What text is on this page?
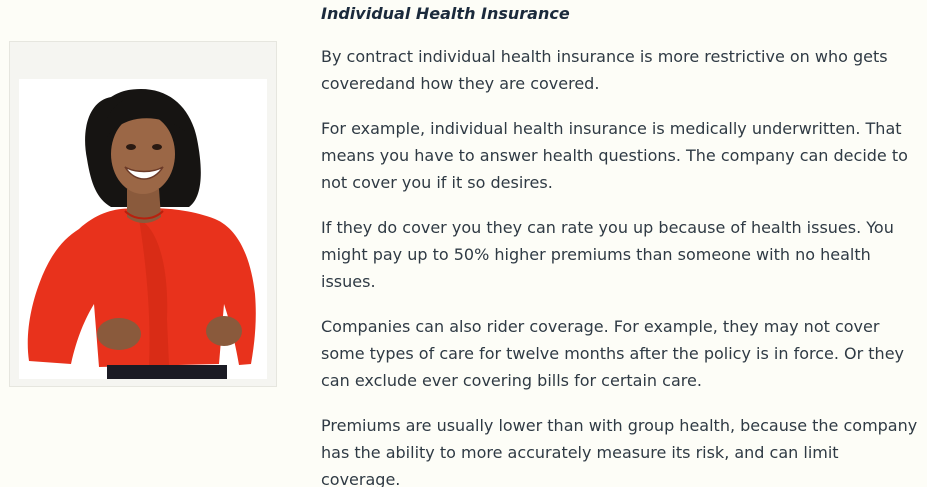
Individual Health Insurance

By contract individual health insurance is more restrictive on who gets coveredand how they are covered.

For example, individual health insurance is medically underwritten. That means you have to answer health questions. The company can decide to not cover you if it so desires.

If they do cover you they can rate you up because of health issues. You might pay up to 50% higher premiums than someone with no health issues.

Companies can also rider coverage. For example, they may not cover some types of care for twelve months after the policy is in force. Or they can exclude ever covering bills for certain care.

Premiums are usually lower than with group health, because the company has the ability to more accurately measure its risk, and can limit coverage.
